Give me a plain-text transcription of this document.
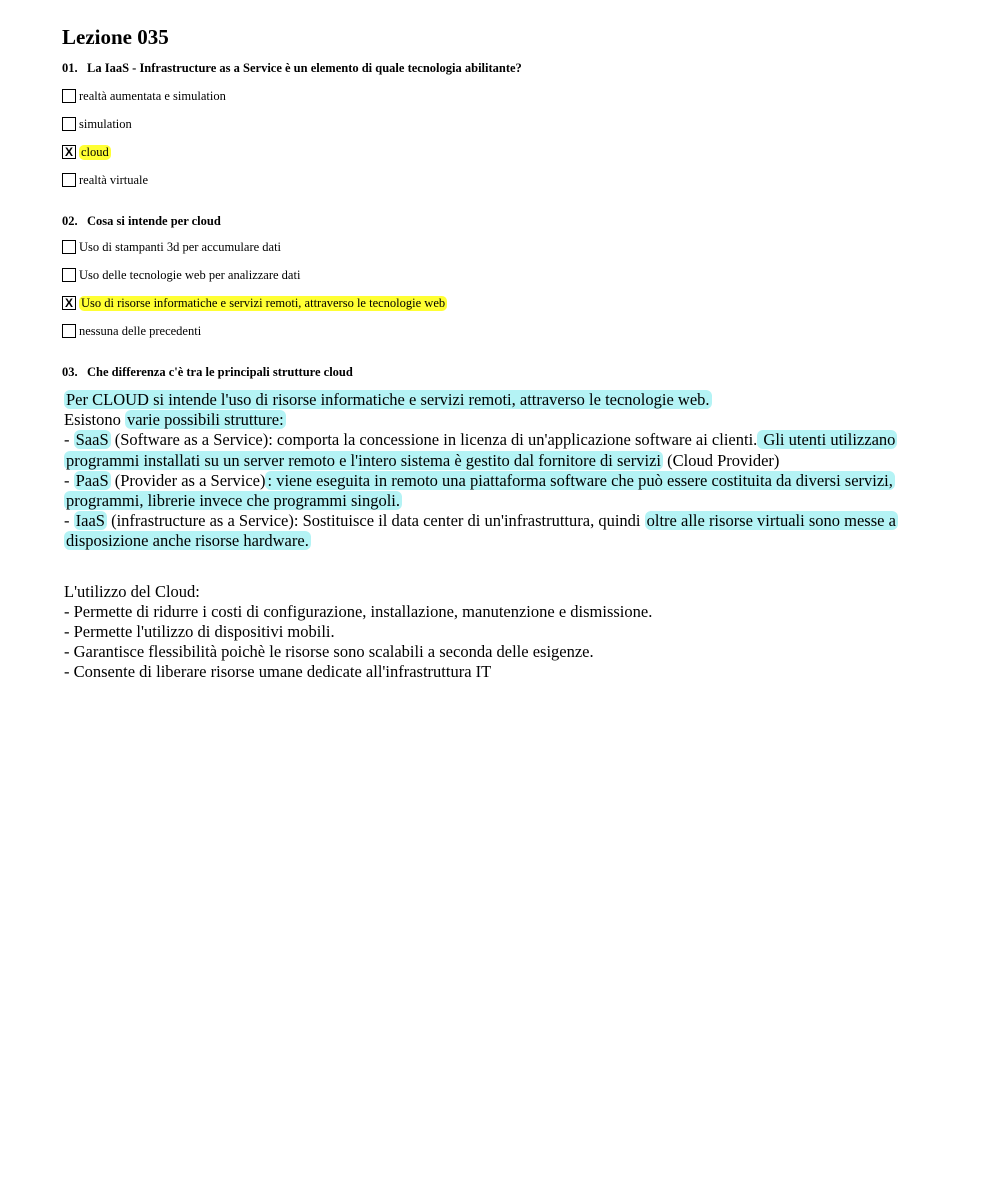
Lezione 035
01. La IaaS - Infrastructure as a Service è un elemento di quale tecnologia abilitante?
realtà aumentata e simulation
simulation
X cloud
realtà virtuale
02. Cosa si intende per cloud
Uso di stampanti 3d per accumulare dati
Uso delle tecnologie web per analizzare dati
X Uso di risorse informatiche e servizi remoti, attraverso le tecnologie web
nessuna delle precedenti
03. Che differenza c'è tra le principali strutture cloud

Per CLOUD si intende l'uso di risorse informatiche e servizi remoti, attraverso le tecnologie web.

Esistono varie possibili strutture:

- SaaS (Software as a Service): comporta la concessione in licenza di un'applicazione software ai clienti. Gli utenti utilizzano programmi installati su un server remoto e l'intero sistema è gestito dal fornitore di servizi (Cloud Provider)

- PaaS (Provider as a Service) : viene eseguita in remoto una piattaforma software che può essere costituita da diversi servizi, programmi, librerie invece che programmi singoli.

- IaaS (infrastructure as a Service): Sostituisce il data center di un'infrastruttura, quindi oltre alle risorse virtuali sono messe a disposizione anche risorse hardware.

L'utilizzo del Cloud:

- Permette di ridurre i costi di configurazione, installazione, manutenzione e dismissione.

- Permette l'utilizzo di dispositivi mobili.

- Garantisce flessibilità poichè le risorse sono scalabili a seconda delle esigenze.

- Consente di liberare risorse umane dedicate all'infrastruttura IT
